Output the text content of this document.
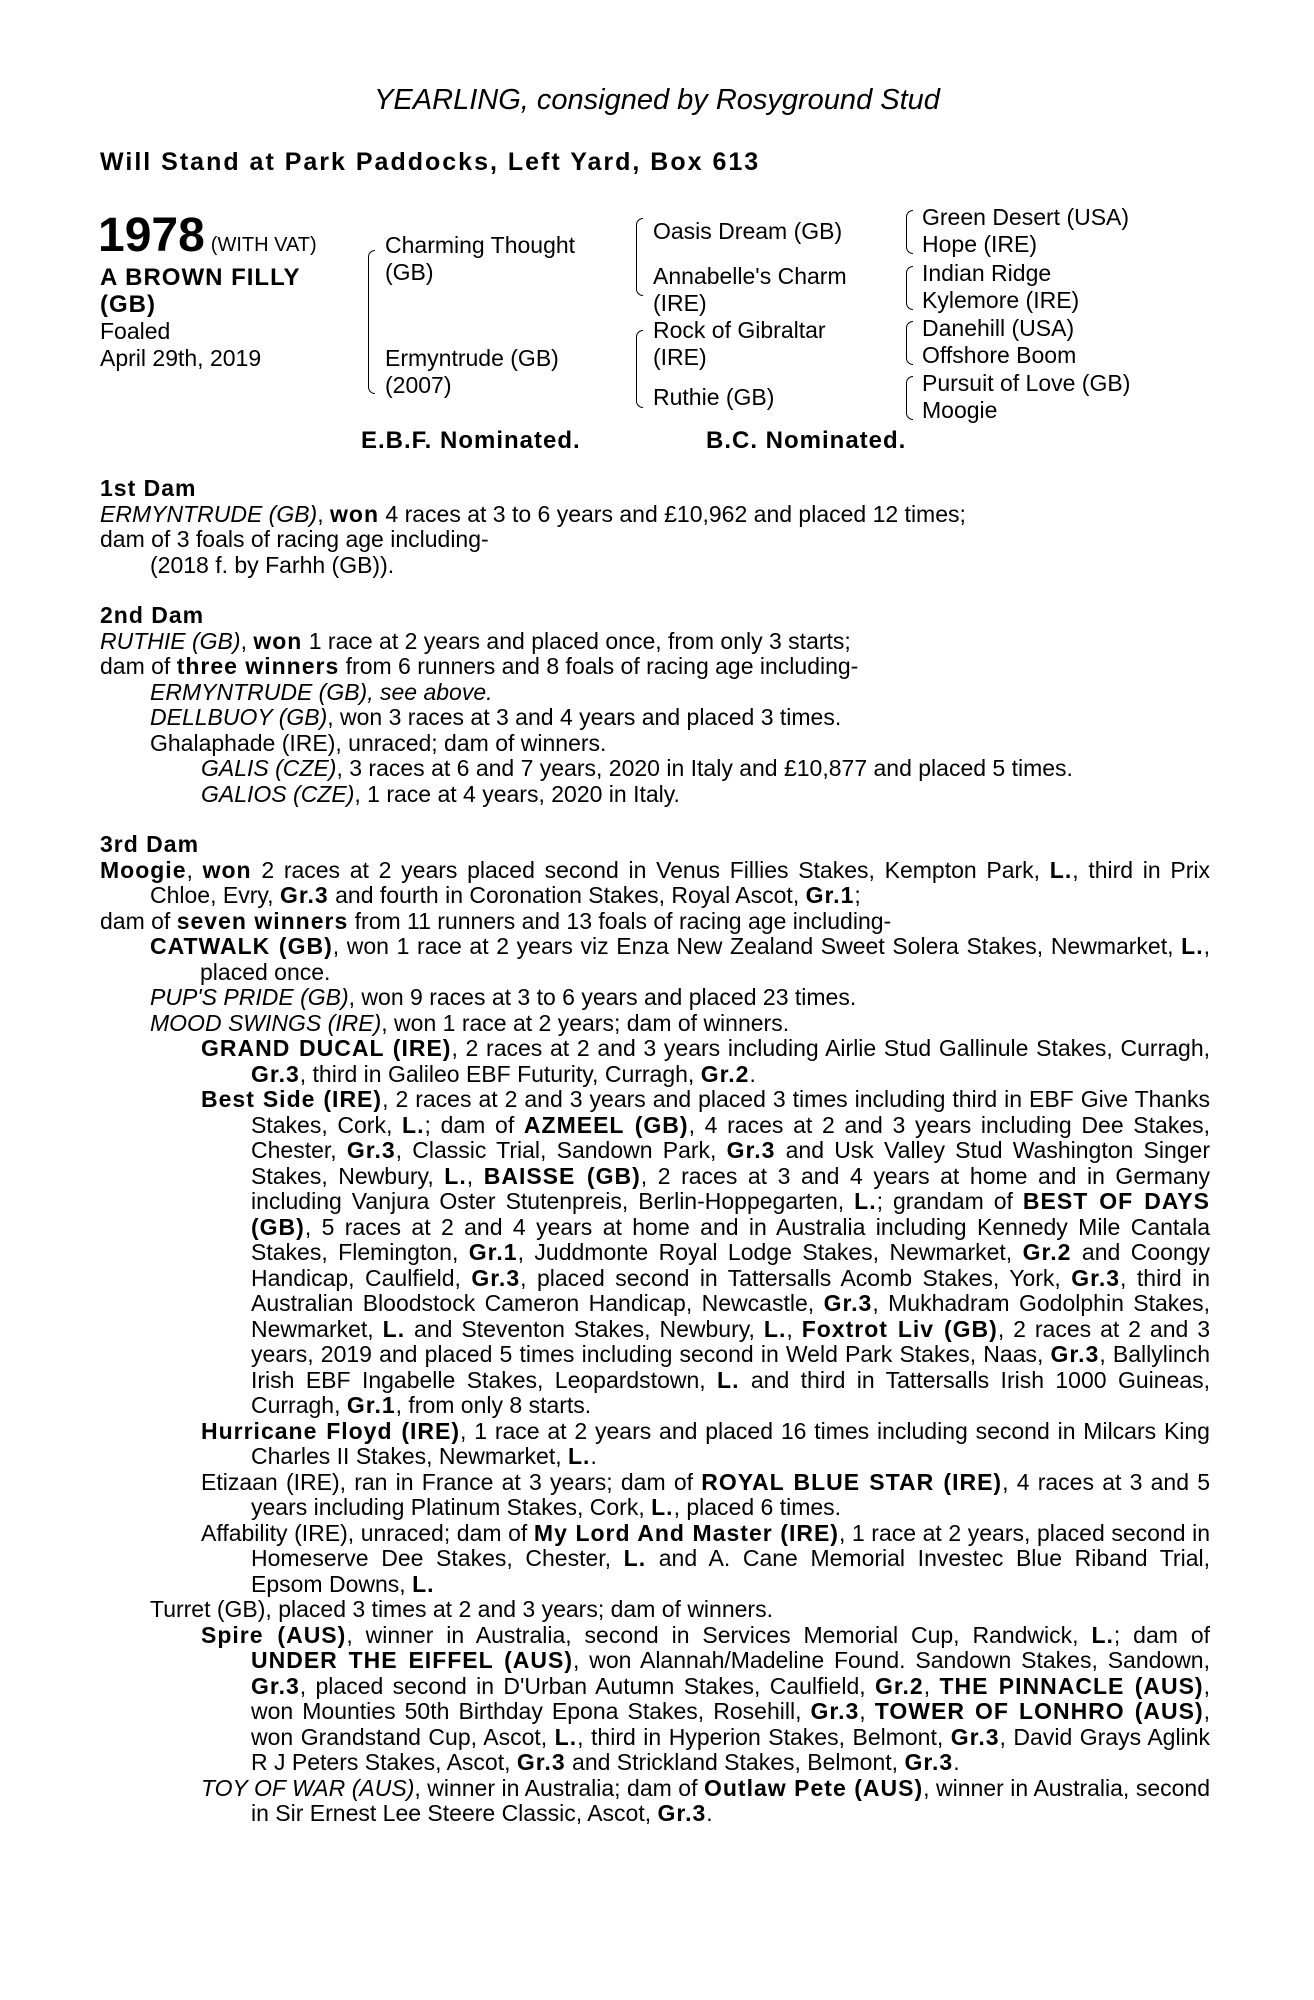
YEARLING, consigned by Rosyground Stud
Will Stand at Park Paddocks, Left Yard, Box 613
1978 (WITH VAT)
A BROWN FILLY
(GB)
Foaled
April 29th, 2019
Charming Thought
(GB)
Ermyntrude (GB)
(2007)
Oasis Dream (GB)
Annabelle's Charm
(IRE)
Rock of Gibraltar
(IRE)
Ruthie (GB)
Green Desert (USA)
Hope (IRE)
Indian Ridge
Kylemore (IRE)
Danehill (USA)
Offshore Boom
Pursuit of Love (GB)
Moogie
E.B.F. Nominated.	B.C. Nominated.

1st Dam

ERMYNTRUDE (GB), won 4 races at 3 to 6 years and £10,962 and placed 12 times;

dam of 3 foals of racing age including-

(2018 f. by Farhh (GB)).

2nd Dam

RUTHIE (GB), won 1 race at 2 years and placed once, from only 3 starts;

dam of three winners from 6 runners and 8 foals of racing age including-

ERMYNTRUDE (GB), see above.

DELLBUOY (GB), won 3 races at 3 and 4 years and placed 3 times.

Ghalaphade (IRE), unraced; dam of winners.

GALIS (CZE), 3 races at 6 and 7 years, 2020 in Italy and £10,877 and placed 5 times.

GALIOS (CZE), 1 race at 4 years, 2020 in Italy.

3rd Dam

Moogie, won 2 races at 2 years placed second in Venus Fillies Stakes, Kempton Park, L., third in Prix Chloe, Evry, Gr.3 and fourth in Coronation Stakes, Royal Ascot, Gr.1;

dam of seven winners from 11 runners and 13 foals of racing age including-

CATWALK (GB), won 1 race at 2 years viz Enza New Zealand Sweet Solera Stakes, Newmarket, L., placed once.

PUP'S PRIDE (GB), won 9 races at 3 to 6 years and placed 23 times.

MOOD SWINGS (IRE), won 1 race at 2 years; dam of winners.

GRAND DUCAL (IRE), 2 races at 2 and 3 years including Airlie Stud Gallinule Stakes, Curragh, Gr.3, third in Galileo EBF Futurity, Curragh, Gr.2.

Best Side (IRE), 2 races at 2 and 3 years and placed 3 times including third in EBF Give Thanks Stakes, Cork, L.; dam of AZMEEL (GB), 4 races at 2 and 3 years including Dee Stakes, Chester, Gr.3, Classic Trial, Sandown Park, Gr.3 and Usk Valley Stud Washington Singer Stakes, Newbury, L., BAISSE (GB), 2 races at 3 and 4 years at home and in Germany including Vanjura Oster Stutenpreis, Berlin-Hoppegarten, L.; grandam of BEST OF DAYS (GB), 5 races at 2 and 4 years at home and in Australia including Kennedy Mile Cantala Stakes, Flemington, Gr.1, Juddmonte Royal Lodge Stakes, Newmarket, Gr.2 and Coongy Handicap, Caulfield, Gr.3, placed second in Tattersalls Acomb Stakes, York, Gr.3, third in Australian Bloodstock Cameron Handicap, Newcastle, Gr.3, Mukhadram Godolphin Stakes, Newmarket, L. and Steventon Stakes, Newbury, L., Foxtrot Liv (GB), 2 races at 2 and 3 years, 2019 and placed 5 times including second in Weld Park Stakes, Naas, Gr.3, Ballylinch Irish EBF Ingabelle Stakes, Leopardstown, L. and third in Tattersalls Irish 1000 Guineas, Curragh, Gr.1, from only 8 starts.

Hurricane Floyd (IRE), 1 race at 2 years and placed 16 times including second in Milcars King Charles II Stakes, Newmarket, L..

Etizaan (IRE), ran in France at 3 years; dam of ROYAL BLUE STAR (IRE), 4 races at 3 and 5 years including Platinum Stakes, Cork, L., placed 6 times.

Affability (IRE), unraced; dam of My Lord And Master (IRE), 1 race at 2 years, placed second in Homeserve Dee Stakes, Chester, L. and A. Cane Memorial Investec Blue Riband Trial, Epsom Downs, L.

Turret (GB), placed 3 times at 2 and 3 years; dam of winners.

Spire (AUS), winner in Australia, second in Services Memorial Cup, Randwick, L.; dam of UNDER THE EIFFEL (AUS), won Alannah/Madeline Found. Sandown Stakes, Sandown, Gr.3, placed second in D'Urban Autumn Stakes, Caulfield, Gr.2, THE PINNACLE (AUS), won Mounties 50th Birthday Epona Stakes, Rosehill, Gr.3, TOWER OF LONHRO (AUS), won Grandstand Cup, Ascot, L., third in Hyperion Stakes, Belmont, Gr.3, David Grays Aglink R J Peters Stakes, Ascot, Gr.3 and Strickland Stakes, Belmont, Gr.3.

TOY OF WAR (AUS), winner in Australia; dam of Outlaw Pete (AUS), winner in Australia, second in Sir Ernest Lee Steere Classic, Ascot, Gr.3.
